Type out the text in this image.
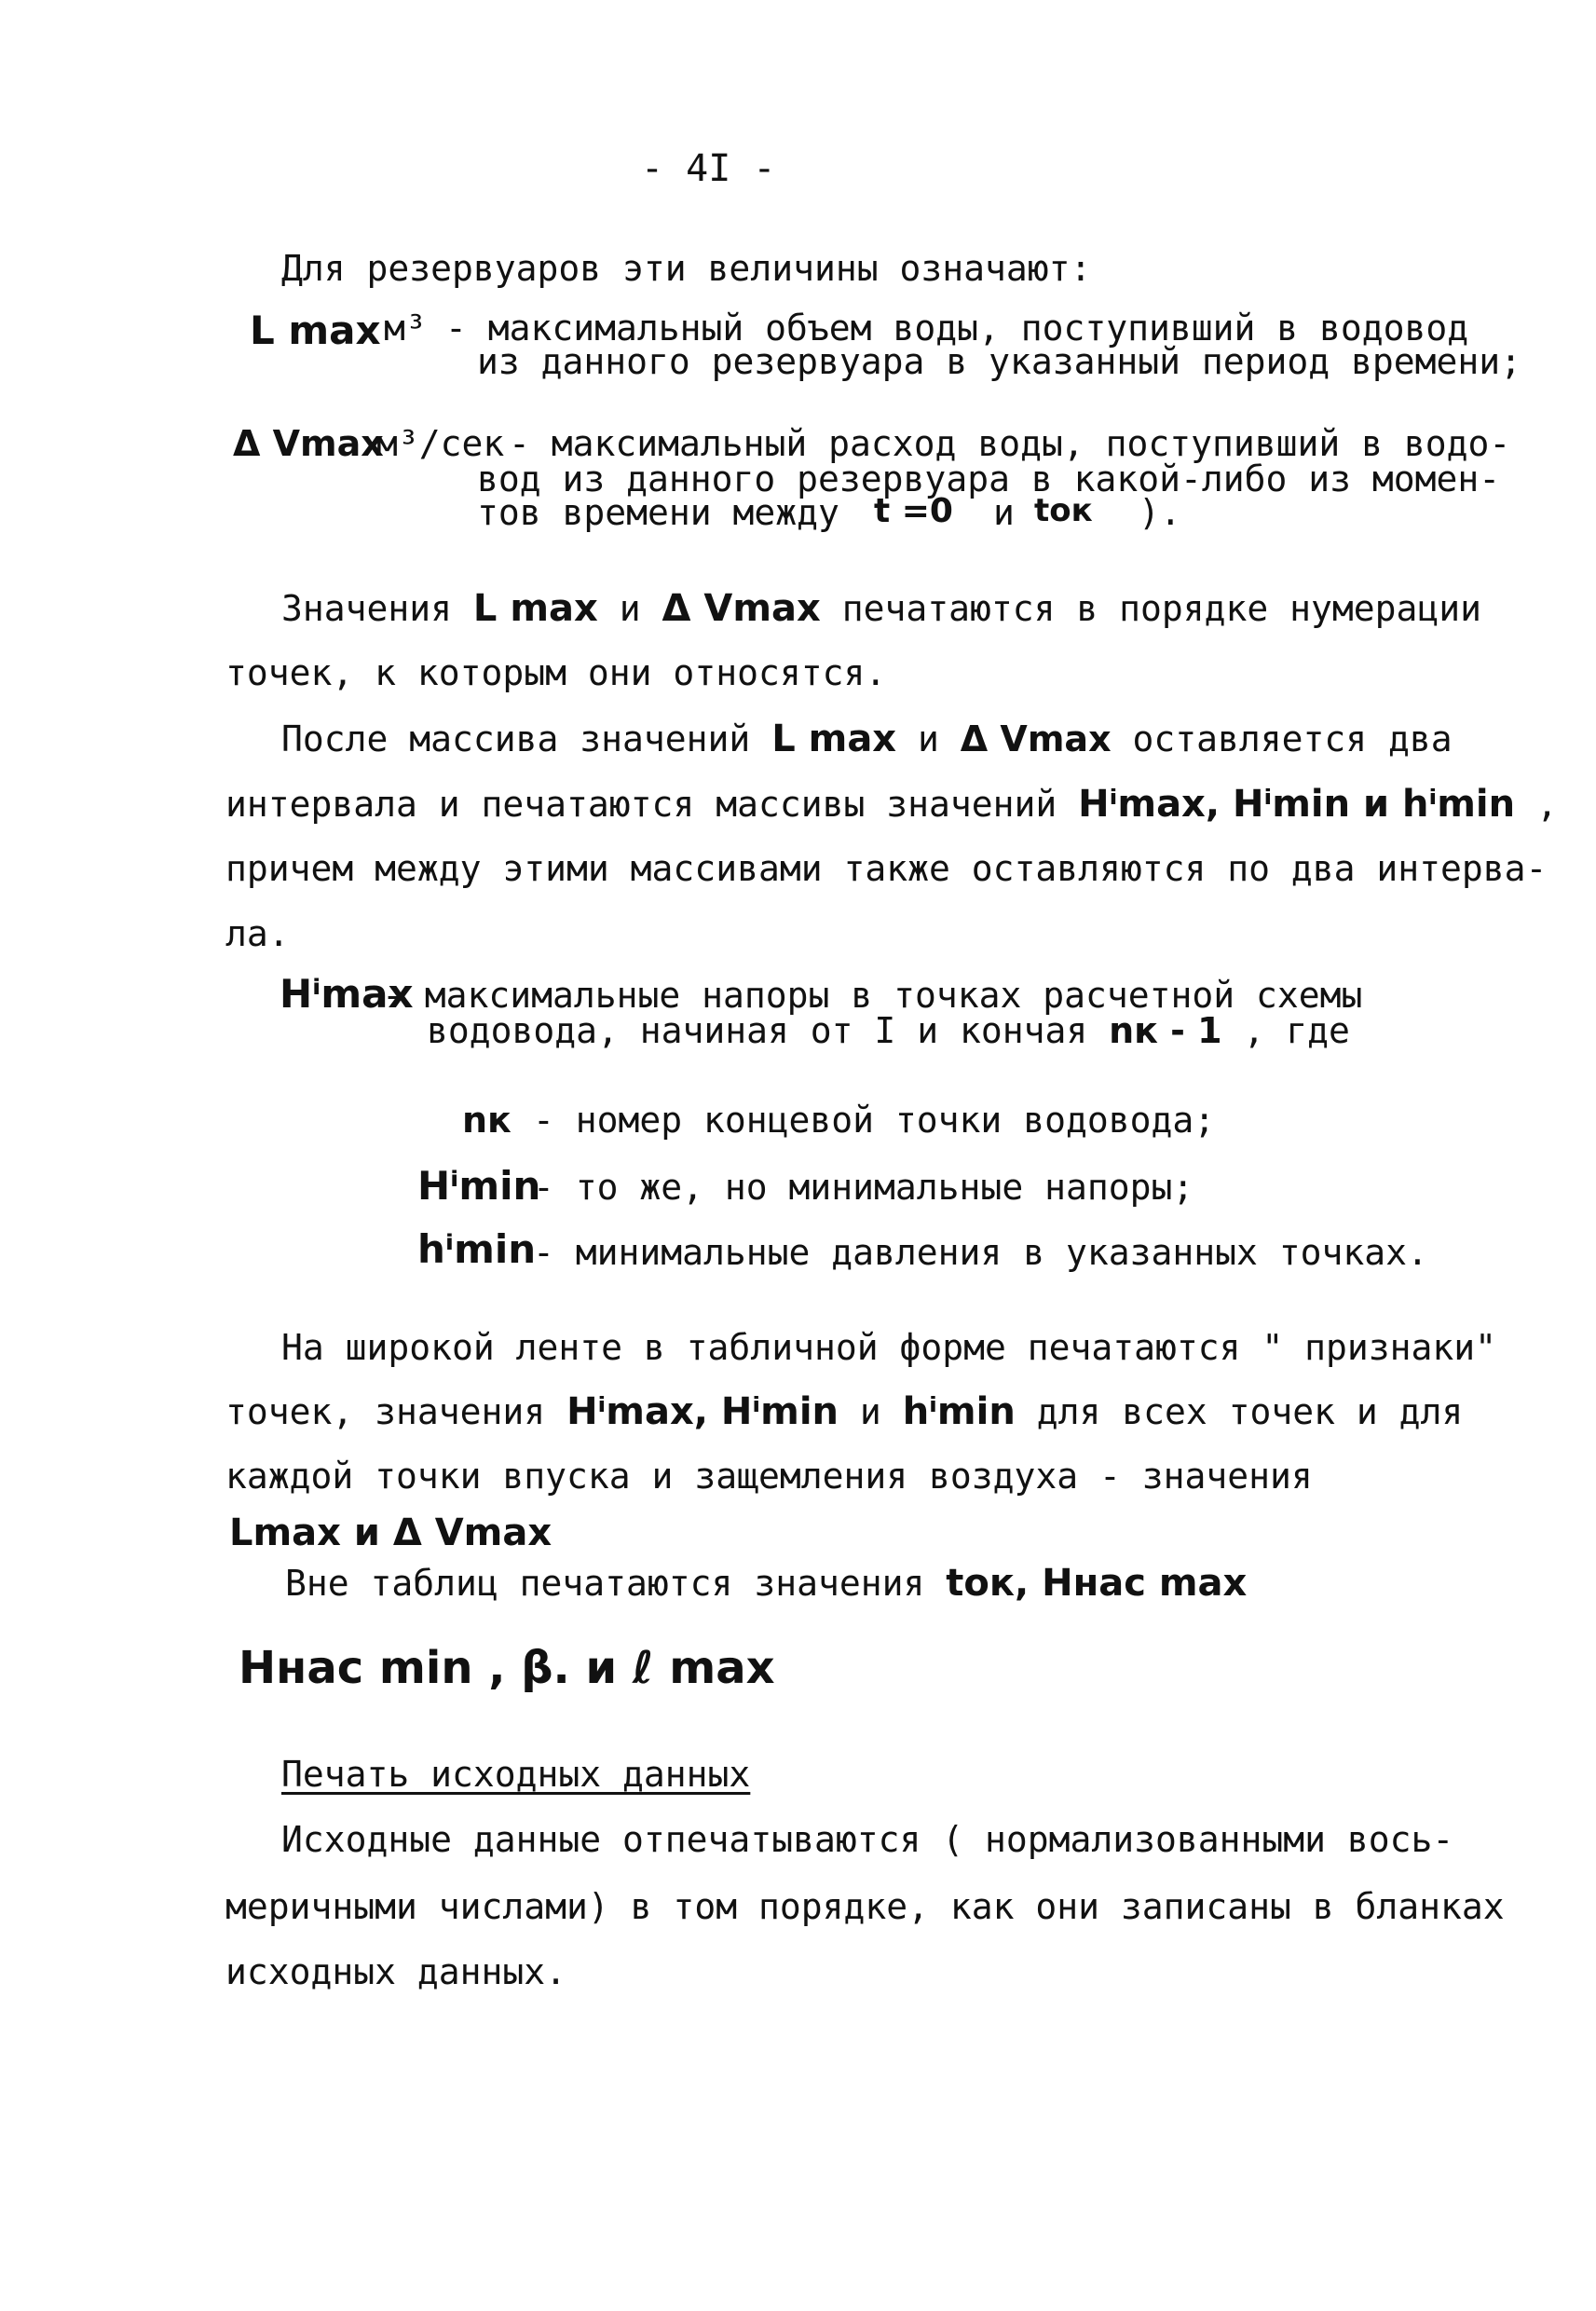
- 4I -
Для резервуаров эти величины означают:
L max м³ - максимальный объем воды, поступивший в водовод
из данного резервуара в указанный период времени;
Δ Vmax
м³/сек - максимальный расход воды, поступивший в водо-
вод из данного резервуара в какой-либо из момен-
тов времени между t =0 и tок ).
Значения L max и Δ Vmax печатаются в порядке нумерации
точек, к которым они относятся.
После массива значений L max и Δ Vmax оставляется два
интервала и печатаются массивы значений Hⁱmax, Hⁱmin и hⁱmin ,
причем между этими массивами также оставляются по два интерва-
ла.
Hⁱmax
- максимальные напоры в точках расчетной схемы
водовода, начиная от I и кончая nк - 1 , где
nк - номер концевой точки водовода;
Hⁱmin
- то же, но минимальные напоры;
hⁱmin
- минимальные давления в указанных точках.
На широкой ленте в табличной форме печатаются " признаки"
точек, значения Hⁱmax, Hⁱmin и hⁱmin для всех точек и для
каждой точки впуска и защемления воздуха - значения
Lmax и Δ Vmax
Вне таблиц печатаются значения tок, Hнас max
Hнас min , β. и ℓ max
Печать исходных данных
Исходные данные отпечатываются ( нормализованными вось-
меричными числами) в том порядке, как они записаны в бланках
исходных данных.
